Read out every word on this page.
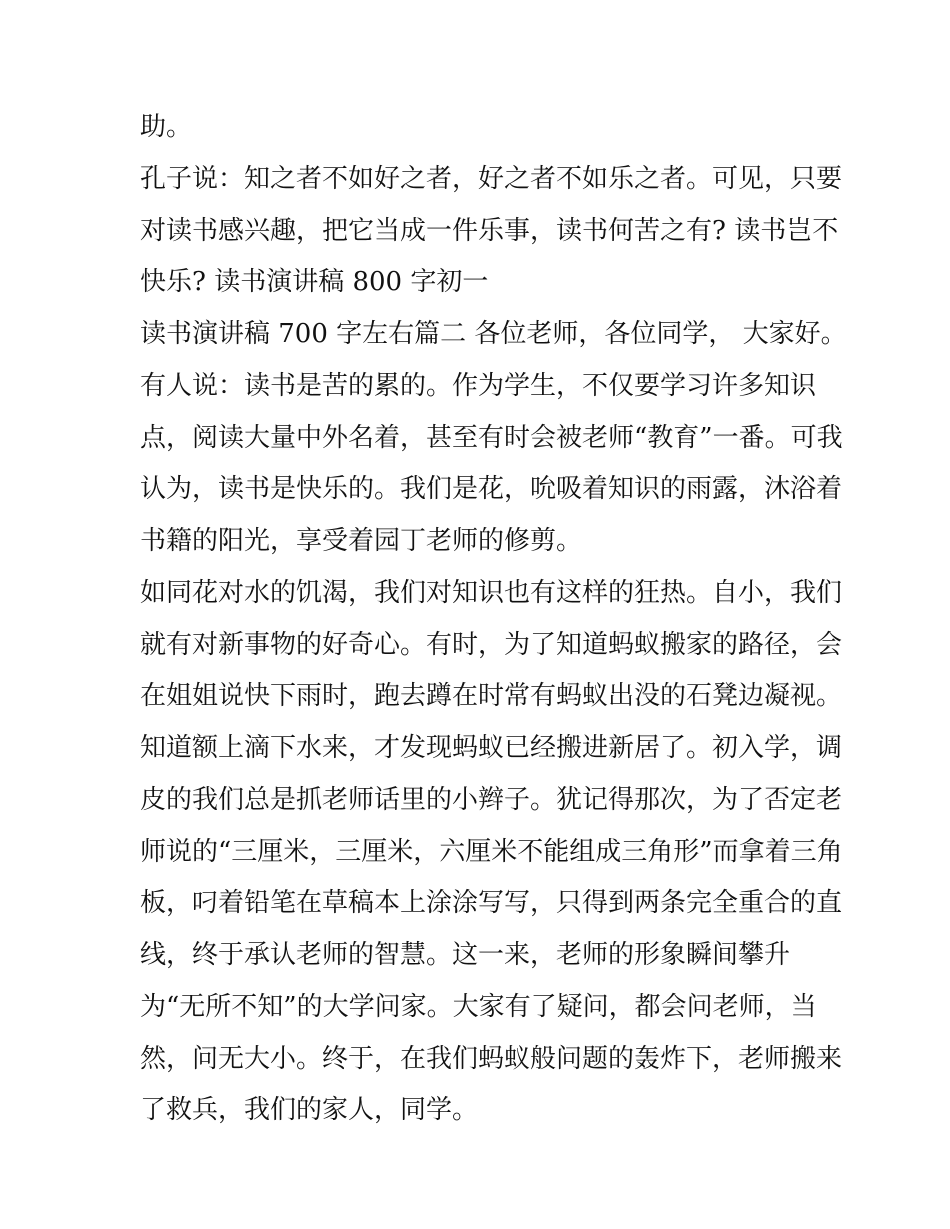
助。
孔子说：知之者不如好之者，好之者不如乐之者。可见，只要
对读书感兴趣，把它当成一件乐事，读书何苦之有? 读书岂不
快乐? 读书演讲稿 800 字初一
读书演讲稿 700 字左右篇二 各位老师，各位同学， 大家好。
有人说：读书是苦的累的。作为学生，不仅要学习许多知识
点，阅读大量中外名着，甚至有时会被老师“教育”一番。可我
认为，读书是快乐的。我们是花，吮吸着知识的雨露，沐浴着
书籍的阳光，享受着园丁老师的修剪。
如同花对水的饥渴，我们对知识也有这样的狂热。自小，我们
就有对新事物的好奇心。有时，为了知道蚂蚁搬家的路径，会
在姐姐说快下雨时，跑去蹲在时常有蚂蚁出没的石凳边凝视。
知道额上滴下水来，才发现蚂蚁已经搬进新居了。初入学，调
皮的我们总是抓老师话里的小辫子。犹记得那次，为了否定老
师说的“三厘米，三厘米，六厘米不能组成三角形”而拿着三角
板，叼着铅笔在草稿本上涂涂写写，只得到两条完全重合的直
线，终于承认老师的智慧。这一来，老师的形象瞬间攀升
为“无所不知”的大学问家。大家有了疑问，都会问老师，当
然，问无大小。终于，在我们蚂蚁般问题的轰炸下，老师搬来
了救兵，我们的家人，同学。
